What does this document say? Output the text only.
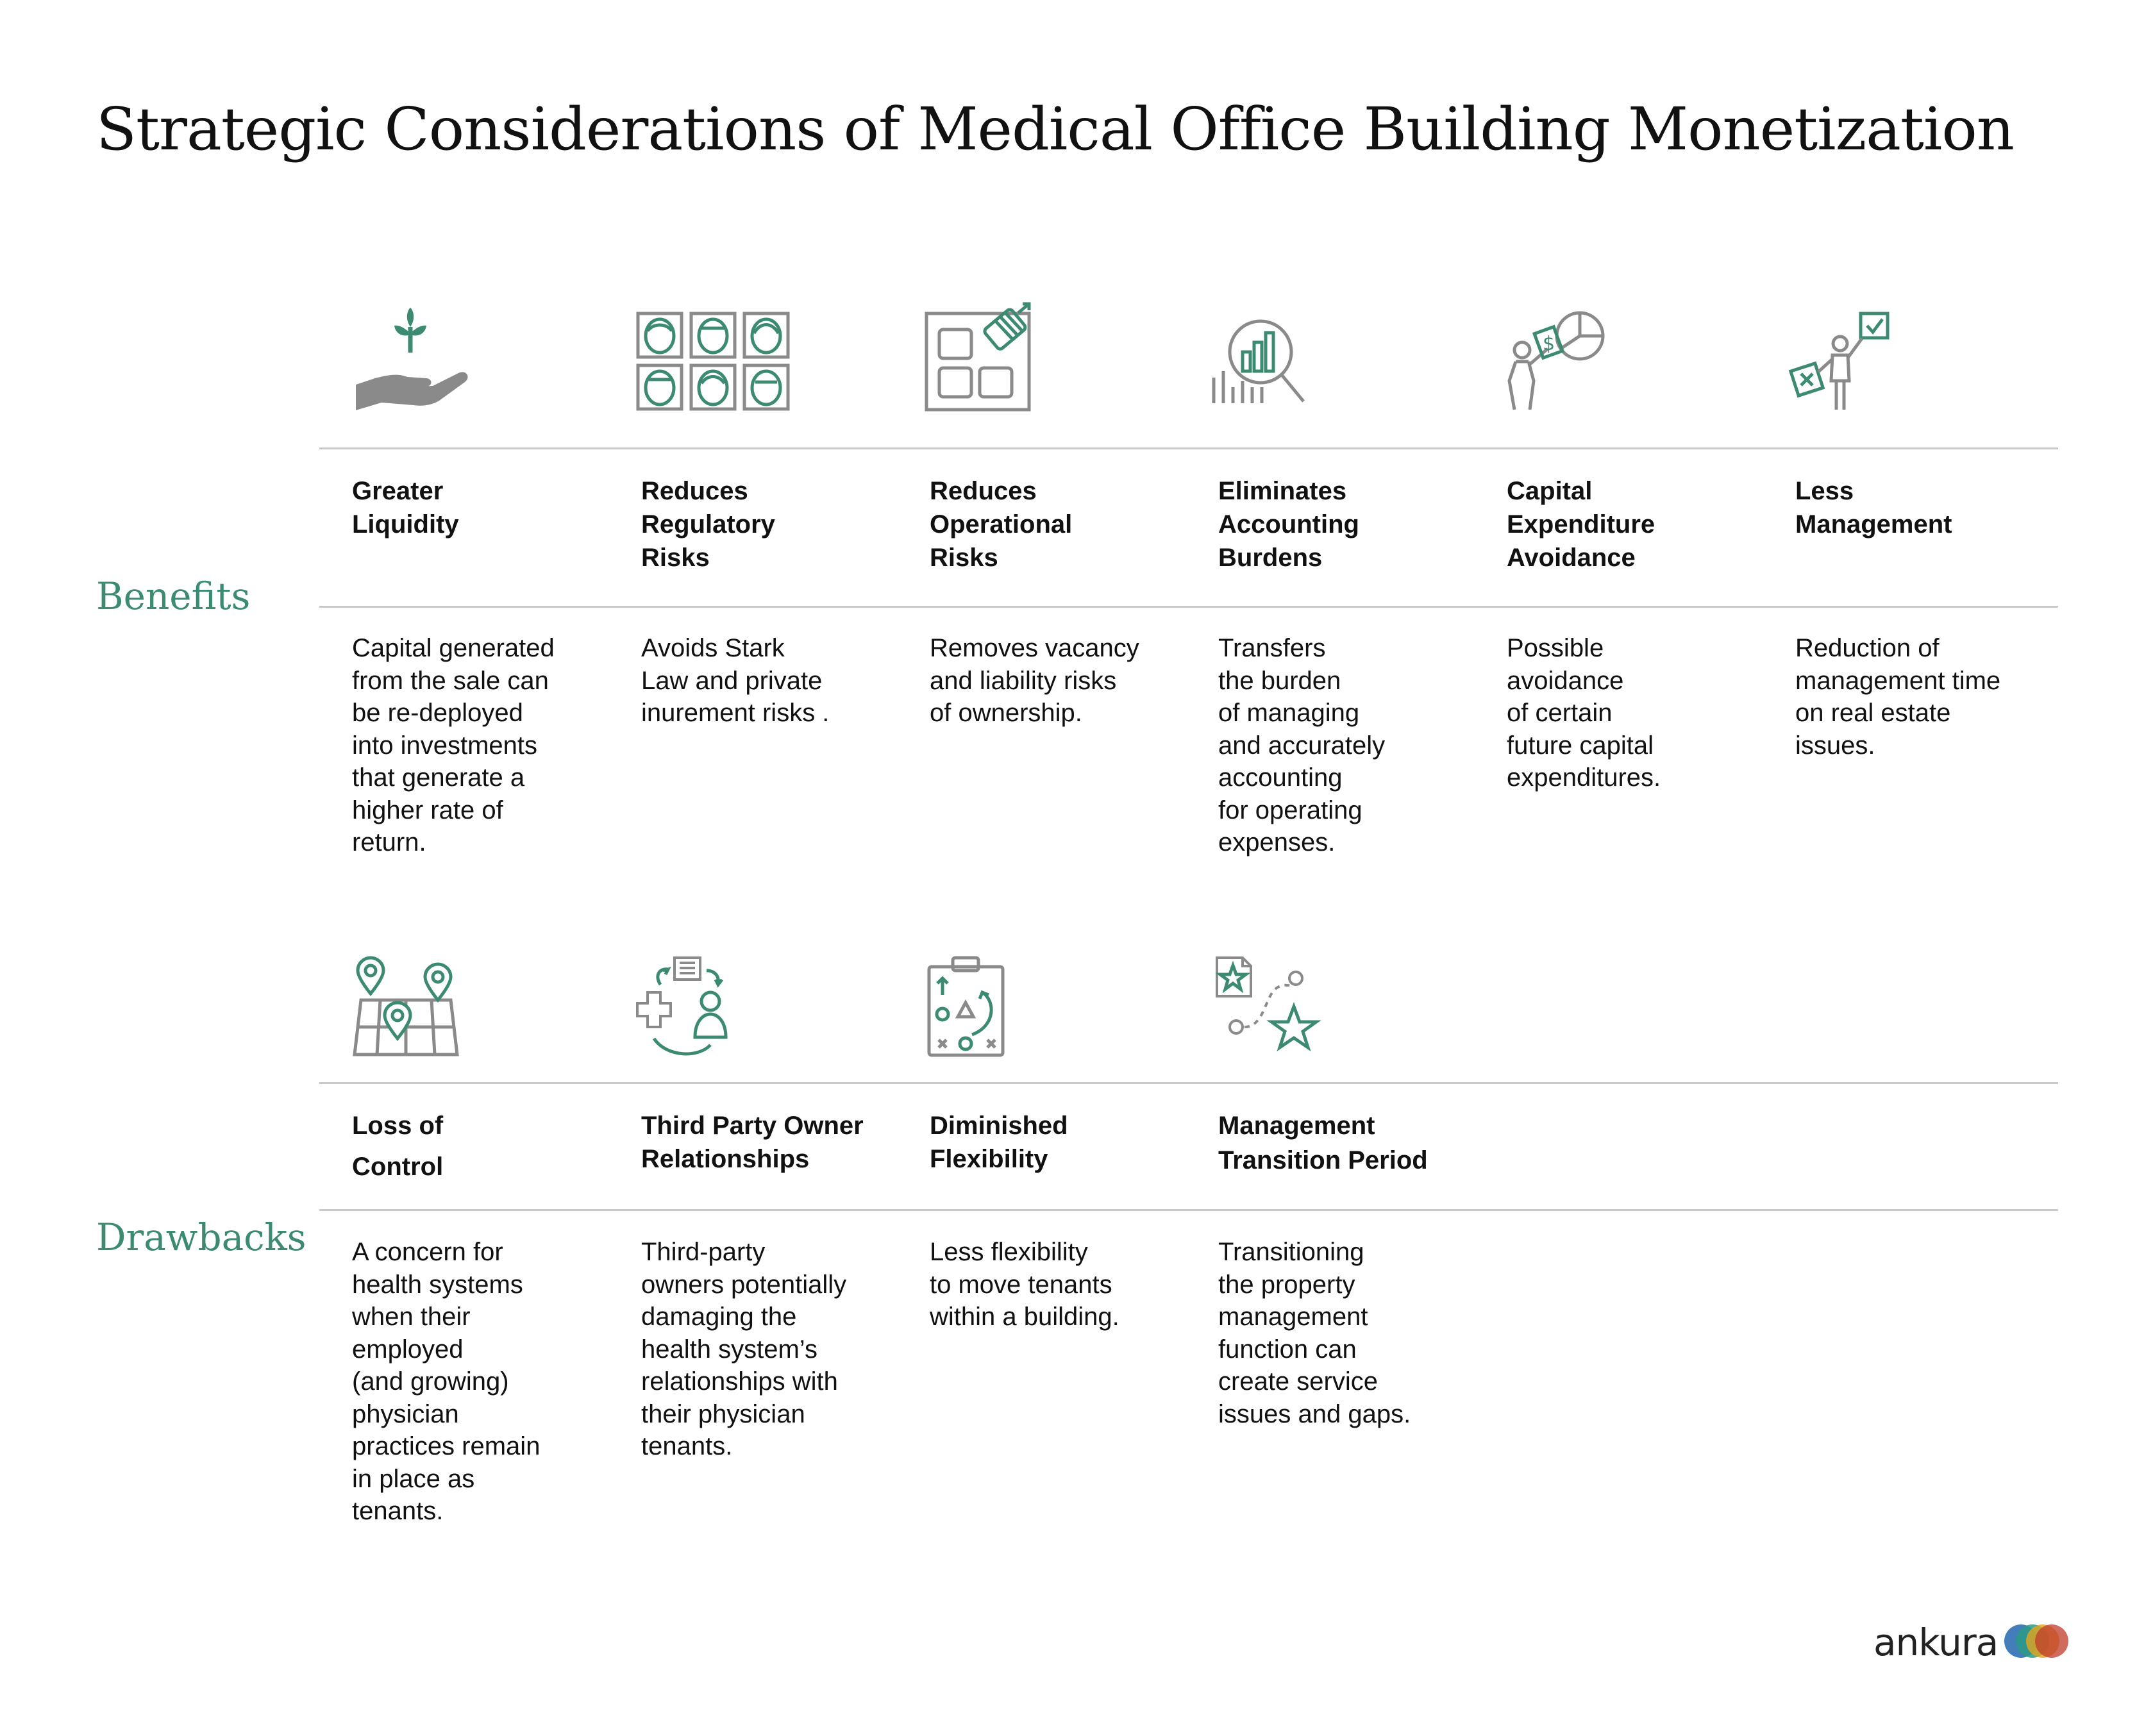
Strategic Considerations of Medical Office Building Monetization
Benefits
Drawbacks
Greater
Liquidity
Capital generated
from the sale can
be re-deployed
into investments
that generate a
higher rate of
return.
Reduces
Regulatory
Risks
Avoids Stark
Law and private
inurement risks .
Reduces
Operational
Risks
Removes vacancy
and liability risks
of ownership.
Eliminates
Accounting
Burdens
Transfers
the burden
of managing
and accurately
accounting
for operating
expenses.
$
Capital
Expenditure
Avoidance
Possible
avoidance
of certain
future capital
expenditures.
Less
Management
Reduction of
management time
on real estate
issues.
Loss of
Control
A concern for
health systems
when their
employed
(and growing)
physician
practices remain
in place as
tenants.
Third Party Owner
Relationships
Third-party
owners potentially
damaging the
health system’s
relationships with
their physician
tenants.
Diminished
Flexibility
Less flexibility
to move tenants
within a building.
Management
Transition Period
Transitioning
the property
management
function can
create service
issues and gaps.
ankura
